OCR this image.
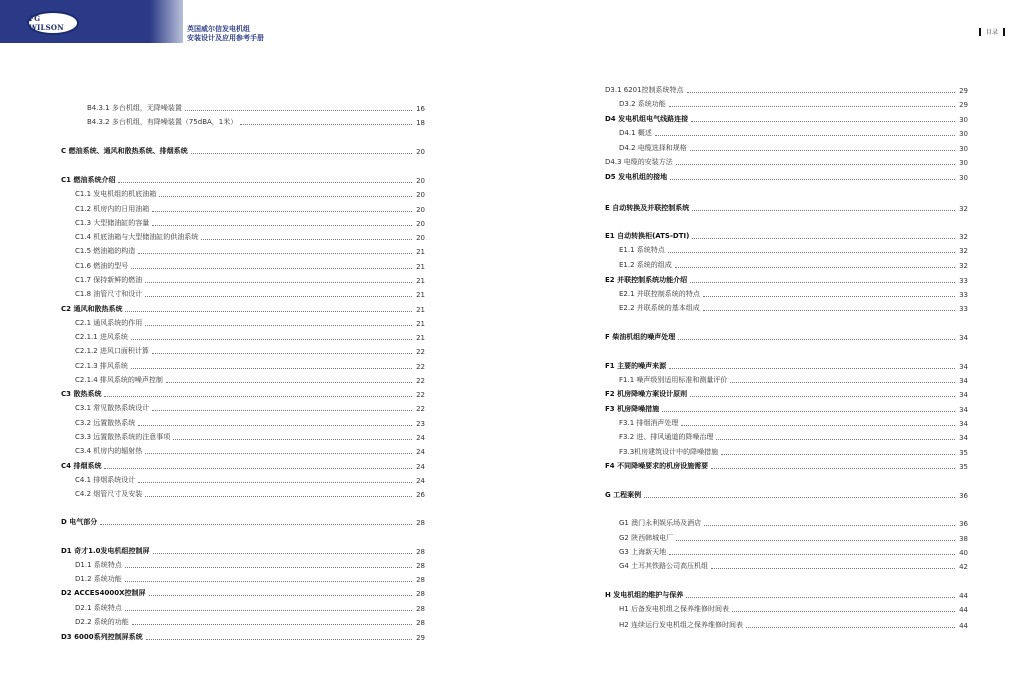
FG WILSON	英国威尔信发电机组
安装设计及应用参考手册
目录
B4.3.1 多台机组，无降噪装置	16
B4.3.2 多台机组，有降噪装置（75dBA，1米）	18
C 燃油系统、通风和散热系统、排烟系统	20
C1 燃油系统介绍	20
C1.1 发电机组的机底油箱	20
C1.2 机房内的日用油箱	20
C1.3 大型储油缸的容量	20
C1.4 机底油箱与大型储油缸的供油系统	20
C1.5 燃油箱的构造	21
C1.6 燃油的型号	21
C1.7 保持新鲜的燃油	21
C1.8 油管尺寸和设计	21
C2 通风和散热系统	21
C2.1 通风系统的作用	21
C2.1.1 进风系统	21
C2.1.2 进风口面积计算	22
C2.1.3 排风系统	22
C2.1.4 排风系统的噪声控制	22
C3 散热系统	22
C3.1 常见散热系统设计	22
C3.2 远置散热系统	23
C3.3 远置散热系统的注意事项	24
C3.4 机房内的辐射热	24
C4 排烟系统	24
C4.1 排烟系统设计	24
C4.2 烟管尺寸及安装	26
D 电气部分	28
D1 奇才1.0发电机组控制屏	28
D1.1 系统特点	28
D1.2 系统功能	28
D2 ACCES4000X控制屏	28
D2.1 系统特点	28
D2.2 系统的功能	28
D3 6000系列控制屏系统	29
D3.1 6201控制系统特点	29
D3.2 系统功能	29
D4 发电机组电气线路连接	30
D4.1 概述	30
D4.2 电缆选择和规格	30
D4.3 电缆的安装方法	30
D5 发电机组的接地	30
E 自动转换及并联控制系统	32
E1 自动转换柜(ATS-DTI)	32
E1.1 系统特点	32
E1.2 系统的组成	32
E2 并联控制系统功能介绍	33
E2.1 并联控制系统的特点	33
E2.2 并联系统的基本组成	33
F 柴油机组的噪声处理	34
F1 主要的噪声来源	34
F1.1 噪声级别适用标准和测量评价	34
F2 机房降噪方案设计原则	34
F3 机房降噪措施	34
F3.1 排烟消声处理	34
F3.2 进、排风通道的降噪治理	34
F3.3机房建筑设计中的降噪措施	35
F4 不同降噪要求的机房设施需要	35
G 工程案例	36
G1 澳门永利娱乐场及酒店	36
G2 陕西韩城电厂	38
G3 上海新天地	40
G4 土耳其铁路公司高压机组	42
H 发电机组的维护与保养	44
H1 后备发电机组之保养维修时间表	44
H2 连续运行发电机组之保养维修时间表	44
